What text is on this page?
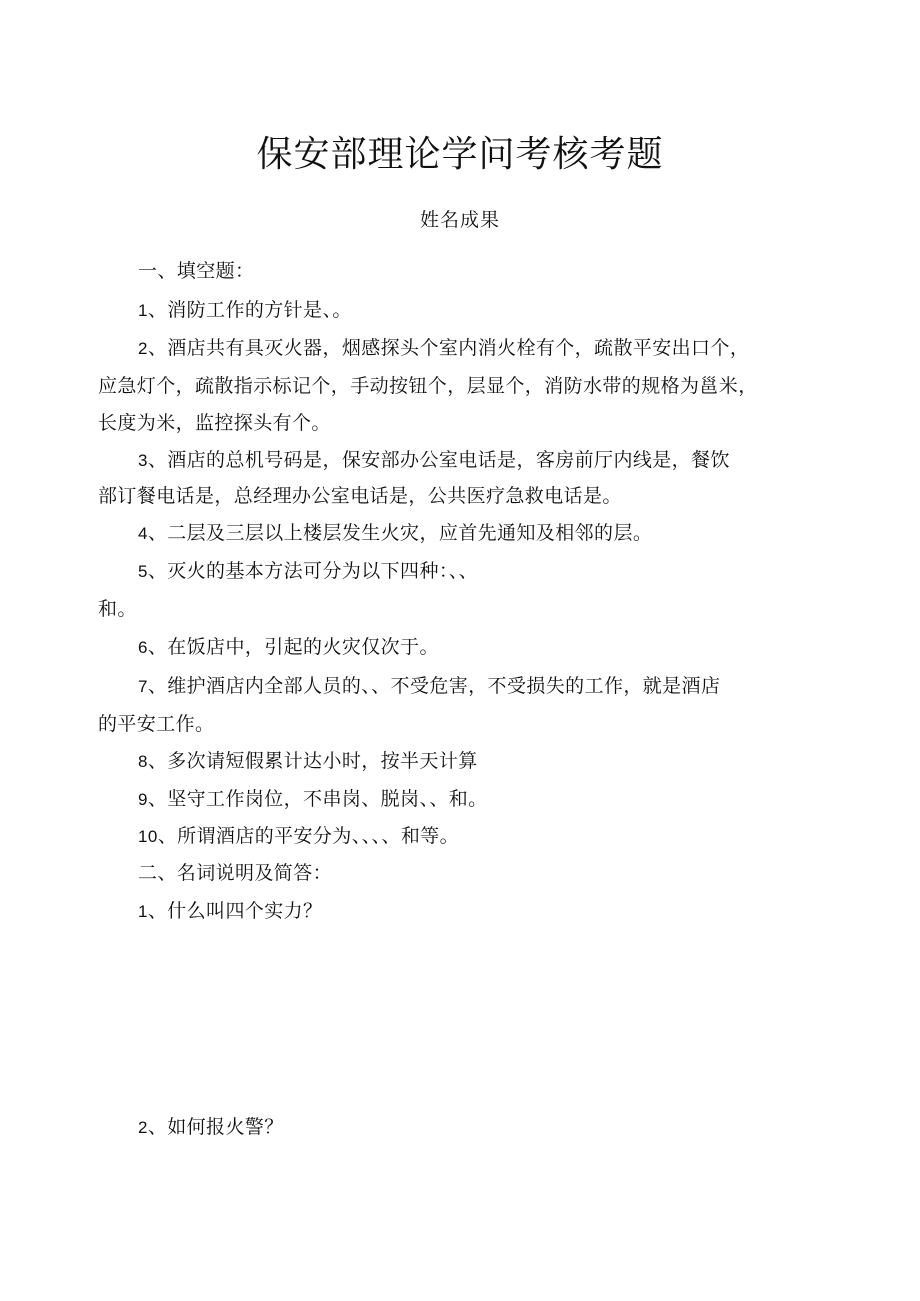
保安部理论学问考核考题
姓名成果
一、填空题：
1、消防工作的方针是、。
2、酒店共有具灭火器，烟感探头个室内消火栓有个，疏散平安出口个，
应急灯个，疏散指示标记个，手动按钮个，层显个，消防水带的规格为邕米，
长度为米，监控探头有个。
3、酒店的总机号码是，保安部办公室电话是，客房前厅内线是，餐饮
部订餐电话是，总经理办公室电话是，公共医疗急救电话是。
4、二层及三层以上楼层发生火灾，应首先通知及相邻的层。
5、灭火的基本方法可分为以下四种：、、
和。
6、在饭店中，引起的火灾仅次于。
7、维护酒店内全部人员的、、不受危害，不受损失的工作，就是酒店
的平安工作。
8、多次请短假累计达小时，按半天计算
9、坚守工作岗位，不串岗、脱岗、、和。
10、所谓酒店的平安分为、、、、和等。
二、名词说明及简答：
1、什么叫四个实力？
2、如何报火警？
